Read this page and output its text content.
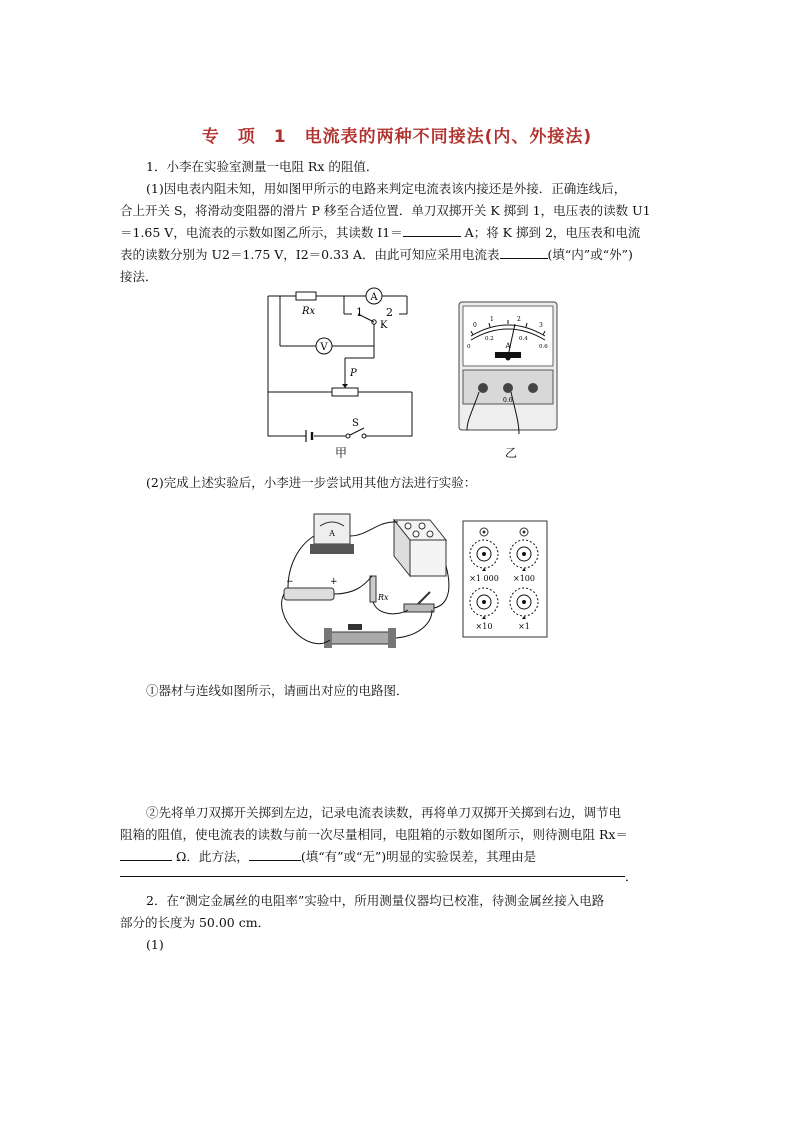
专　项　1　电流表的两种不同接法(内、外接法)
1．小李在实验室测量一电阻 Rx 的阻值．
(1)因电表内阻未知，用如图甲所示的电路来判定电流表该内接还是外接．正确连线后，
合上开关 S，将滑动变阻器的滑片 P 移至合适位置．单刀双掷开关 K 掷到 1，电压表的读数 U1
＝1.65 V，电流表的示数如图乙所示，其读数 I1＝	A；将 K 掷到 2，电压表和电流
表的读数分别为 U2＝1.75 V，I2＝0.33 A．由此可知应采用电流表	(填“内”或“外”)
接法．
A
V
Rx	1 2
K
P
S
甲
0
1	2
3
0
0.2	0.4
0.6
A
0.6
乙
(2)完成上述实验后，小李进一步尝试用其他方法进行实验：
A
−	+
Rx
×1 000 ×100
×10	×1
①器材与连线如图所示，请画出对应的电路图．
②先将单刀双掷开关掷到左边，记录电流表读数，再将单刀双掷开关掷到右边，调节电
阻箱的阻值，使电流表的读数与前一次尽量相同，电阻箱的示数如图所示，则待测电阻 Rx＝
Ω．此方法，	(填“有”或“无”)明显的实验误差，其理由是
．
2．在“测定金属丝的电阻率”实验中，所用测量仪器均已校准，待测金属丝接入电路
部分的长度为 50.00 cm．
(1)
